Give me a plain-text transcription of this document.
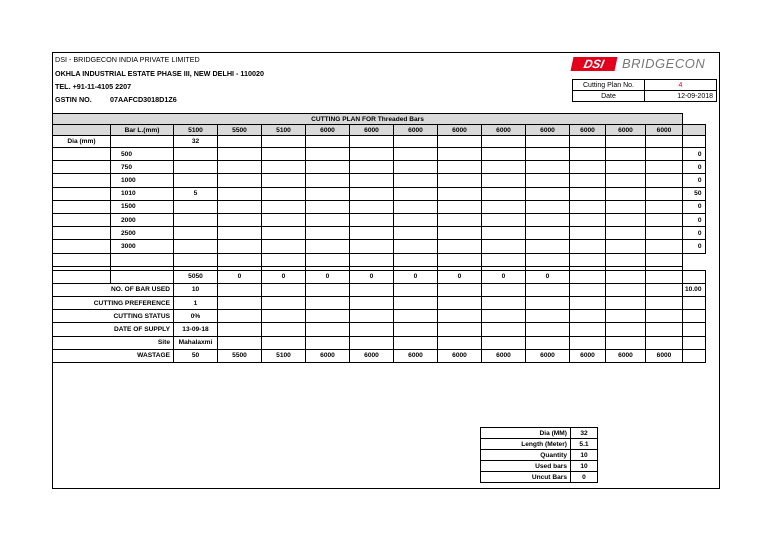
DSI - BRIDGECON INDIA PRIVATE LIMITED
OKHLA INDUSTRIAL ESTATE PHASE III, NEW DELHI - 110020
TEL. +91-11-4105 2207
GSTIN NO.	07AAFCD3018D1Z6
DSI	BRIDGECON
Cutting Plan No.	4
Date	12-09-2018
CUTTING PLAN FOR Threaded Bars														
	Bar L.(mm)	5100	5500	5100	6000	6000	6000	6000	6000	6000	6000	6000	6000	
Dia (mm)		32												
	500													0
	750													0
	1000													0
	1010	5												50
	1500													0
	2000													0
	2500													0
	3000													0

		5050	0	0	0	0	0	0	0	0				
NO. OF BAR USED		10												10.00
CUTTING PREFERENCE		1												
CUTTING STATUS		0%												
DATE OF SUPPLY		13-09-18												
Site		Mahalaxmi												
WASTAGE		50	5500	5100	6000	6000	6000	6000	6000	6000	6000	6000	6000	
Dia (MM)	32
Length (Meter)	5.1
Quantity	10
Used bars	10
Uncut Bars	0
